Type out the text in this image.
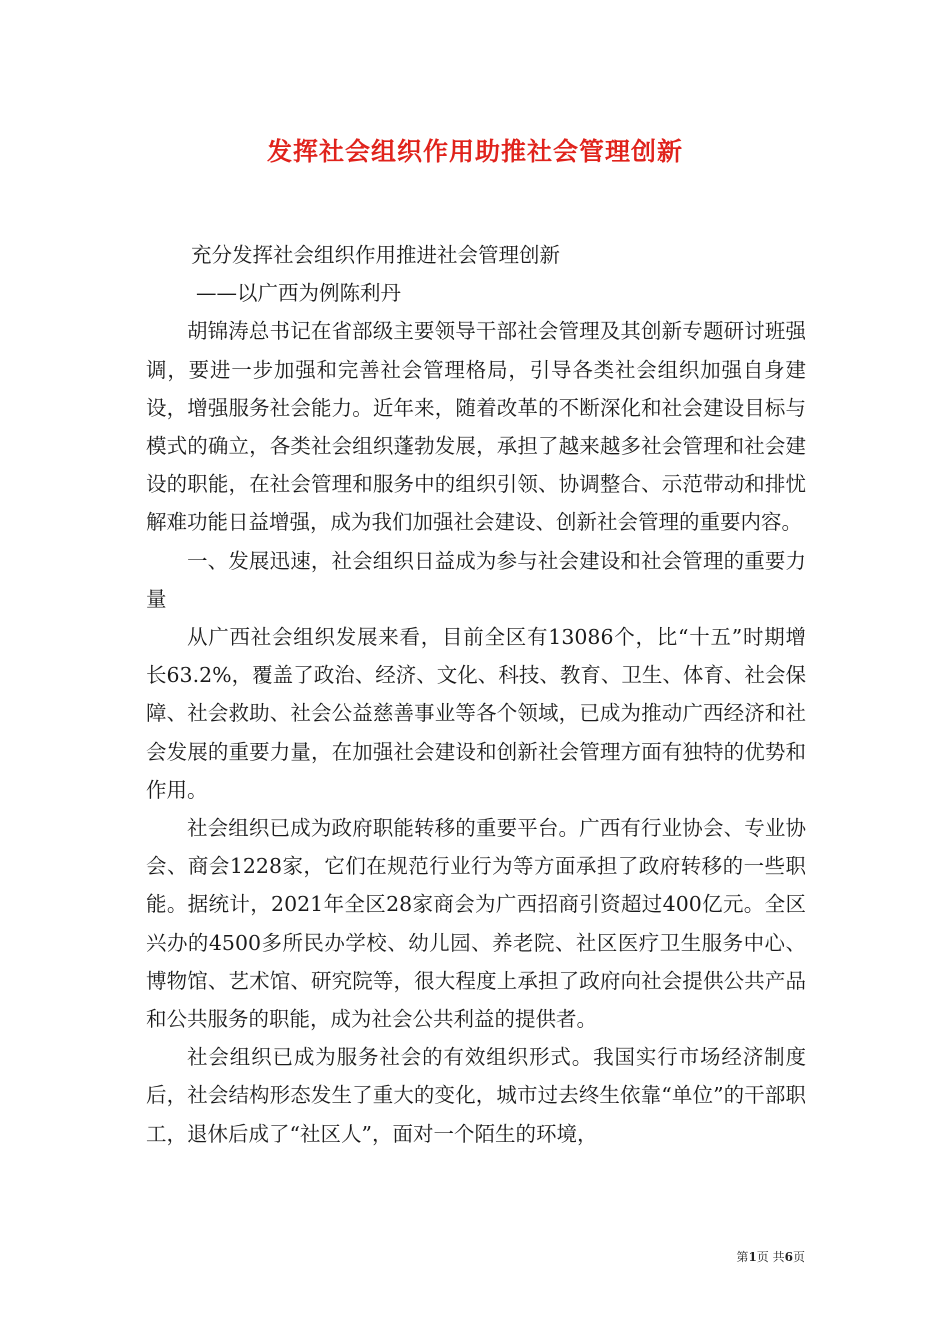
发挥社会组织作用助推社会管理创新

充分发挥社会组织作用推进社会管理创新

——以广西为例陈利丹

胡锦涛总书记在省部级主要领导干部社会管理及其创新专题研讨班强调，要进一步加强和完善社会管理格局，引导各类社会组织加强自身建设，增强服务社会能力。近年来，随着改革的不断深化和社会建设目标与模式的确立，各类社会组织蓬勃发展，承担了越来越多社会管理和社会建设的职能，在社会管理和服务中的组织引领、协调整合、示范带动和排忧解难功能日益增强，成为我们加强社会建设、创新社会管理的重要内容。

一、发展迅速，社会组织日益成为参与社会建设和社会管理的重要力量

从广西社会组织发展来看，目前全区有13086个，比“十五”时期增长63.2%，覆盖了政治、经济、文化、科技、教育、卫生、体育、社会保障、社会救助、社会公益慈善事业等各个领域，已成为推动广西经济和社会发展的重要力量，在加强社会建设和创新社会管理方面有独特的优势和作用。

社会组织已成为政府职能转移的重要平台。广西有行业协会、专业协会、商会1228家，它们在规范行业行为等方面承担了政府转移的一些职能。据统计，2021年全区28家商会为广西招商引资超过400亿元。全区兴办的4500多所民办学校、幼儿园、养老院、社区医疗卫生服务中心、博物馆、艺术馆、研究院等，很大程度上承担了政府向社会提供公共产品和公共服务的职能，成为社会公共利益的提供者。

社会组织已成为服务社会的有效组织形式。我国实行市场经济制度后，社会结构形态发生了重大的变化，城市过去终生依靠“单位”的干部职工，退休后成了“社区人”，面对一个陌生的环境，

第1页 共6页
